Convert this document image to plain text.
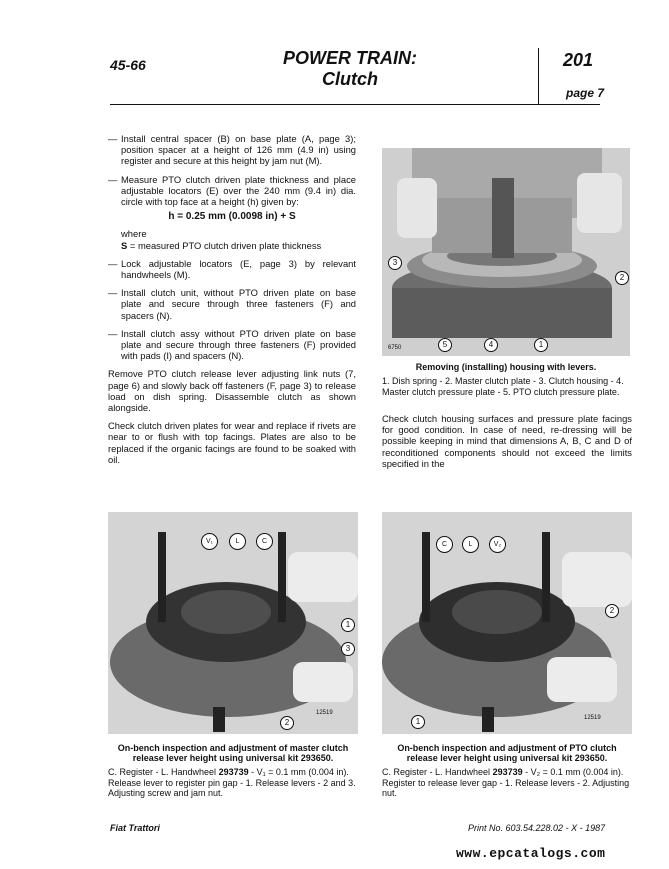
45-66	POWER TRAIN:
Clutch
201
page 7
— Install central spacer (B) on base plate (A, page 3); position spacer at a height of 126 mm (4.9 in) using register and secure at this height by jam nut (M).
— Measure PTO clutch driven plate thickness and place adjustable locators (E) over the 240 mm (9.4 in) dia. circle with top face at a height (h) given by:
h = 0.25 mm (0.0098 in) + S
where
S = measured PTO clutch driven plate thickness
— Lock adjustable locators (E, page 3) by relevant handwheels (M).
— Install clutch unit, without PTO driven plate on base plate and secure through three fasteners (F) and spacers (N).
— Install clutch assy without PTO driven plate on base plate and secure through three fasteners (F) provided with pads (I) and spacers (N).
Remove PTO clutch release lever adjusting link nuts (7, page 6) and slowly back off fasteners (F, page 3) to release load on dish spring. Disassemble clutch as shown alongside.
Check clutch driven plates for wear and replace if rivets are near to or flush with top facings. Plates are also to be replaced if the organic facings are found to be soaked with oil.
3
2
5	4	1
6750
Removing (installing) housing with levers.
1. Dish spring - 2. Master clutch plate - 3. Clutch housing - 4. Master clutch pressure plate - 5. PTO clutch pressure plate.
Check clutch housing surfaces and pressure plate facings for good condition. In case of need, re-dressing will be possible keeping in mind that dimensions A, B, C and D of reconditioned components should not exceed the limits specified in the
V₁	L	C
1
3
2
12519
On-bench inspection and adjustment of master clutch release lever height using universal kit 293650.
C. Register - L. Handwheel 293739 - V₁ = 0.1 mm (0.004 in). Release lever to register pin gap - 1. Release levers - 2 and 3. Adjusting screw and jam nut.
C	L	V₂
2
1	12519
On-bench inspection and adjustment of PTO clutch release lever height using universal kit 293650.
C. Register - L. Handwheel 293739 - V₂ = 0.1 mm (0.004 in). Register to release lever gap - 1. Release levers - 2. Adjusting nut.
Fiat Trattori	Print No. 603.54.228.02 - X - 1987
www.epcatalogs.com
